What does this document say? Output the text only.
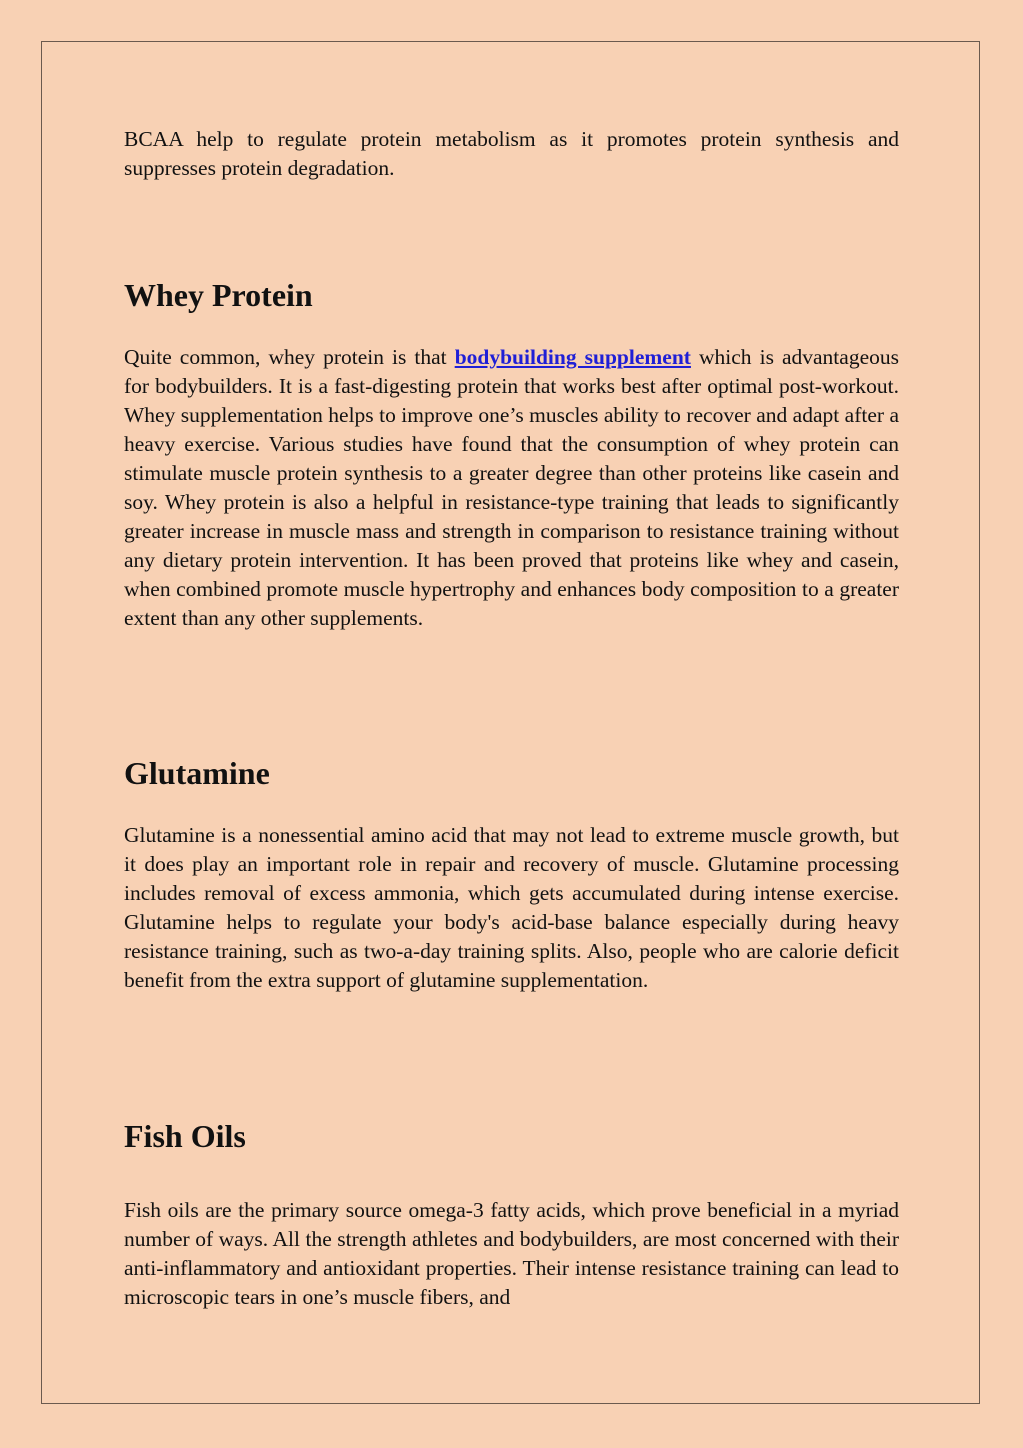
BCAA help to regulate protein metabolism as it promotes protein synthesis and suppresses protein degradation.

Whey Protein

Quite common, whey protein is that bodybuilding supplement which is advantageous for bodybuilders. It is a fast-digesting protein that works best after optimal post-workout. Whey supplementation helps to improve one’s muscles ability to recover and adapt after a heavy exercise. Various studies have found that the consumption of whey protein can stimulate muscle protein synthesis to a greater degree than other proteins like casein and soy. Whey protein is also a helpful in resistance-type training that leads to significantly greater increase in muscle mass and strength in comparison to resistance training without any dietary protein intervention. It has been proved that proteins like whey and casein, when combined promote muscle hypertrophy and enhances body composition to a greater extent than any other supplements.

Glutamine

Glutamine is a nonessential amino acid that may not lead to extreme muscle growth, but it does play an important role in repair and recovery of muscle. Glutamine processing includes removal of excess ammonia, which gets accumulated during intense exercise. Glutamine helps to regulate your body's acid-base balance especially during heavy resistance training, such as two-a-day training splits. Also, people who are calorie deficit benefit from the extra support of glutamine supplementation.

Fish Oils

Fish oils are the primary source omega-3 fatty acids, which prove beneficial in a myriad number of ways. All the strength athletes and bodybuilders, are most concerned with their anti-inflammatory and antioxidant properties. Their intense resistance training can lead to microscopic tears in one’s muscle fibers, and
